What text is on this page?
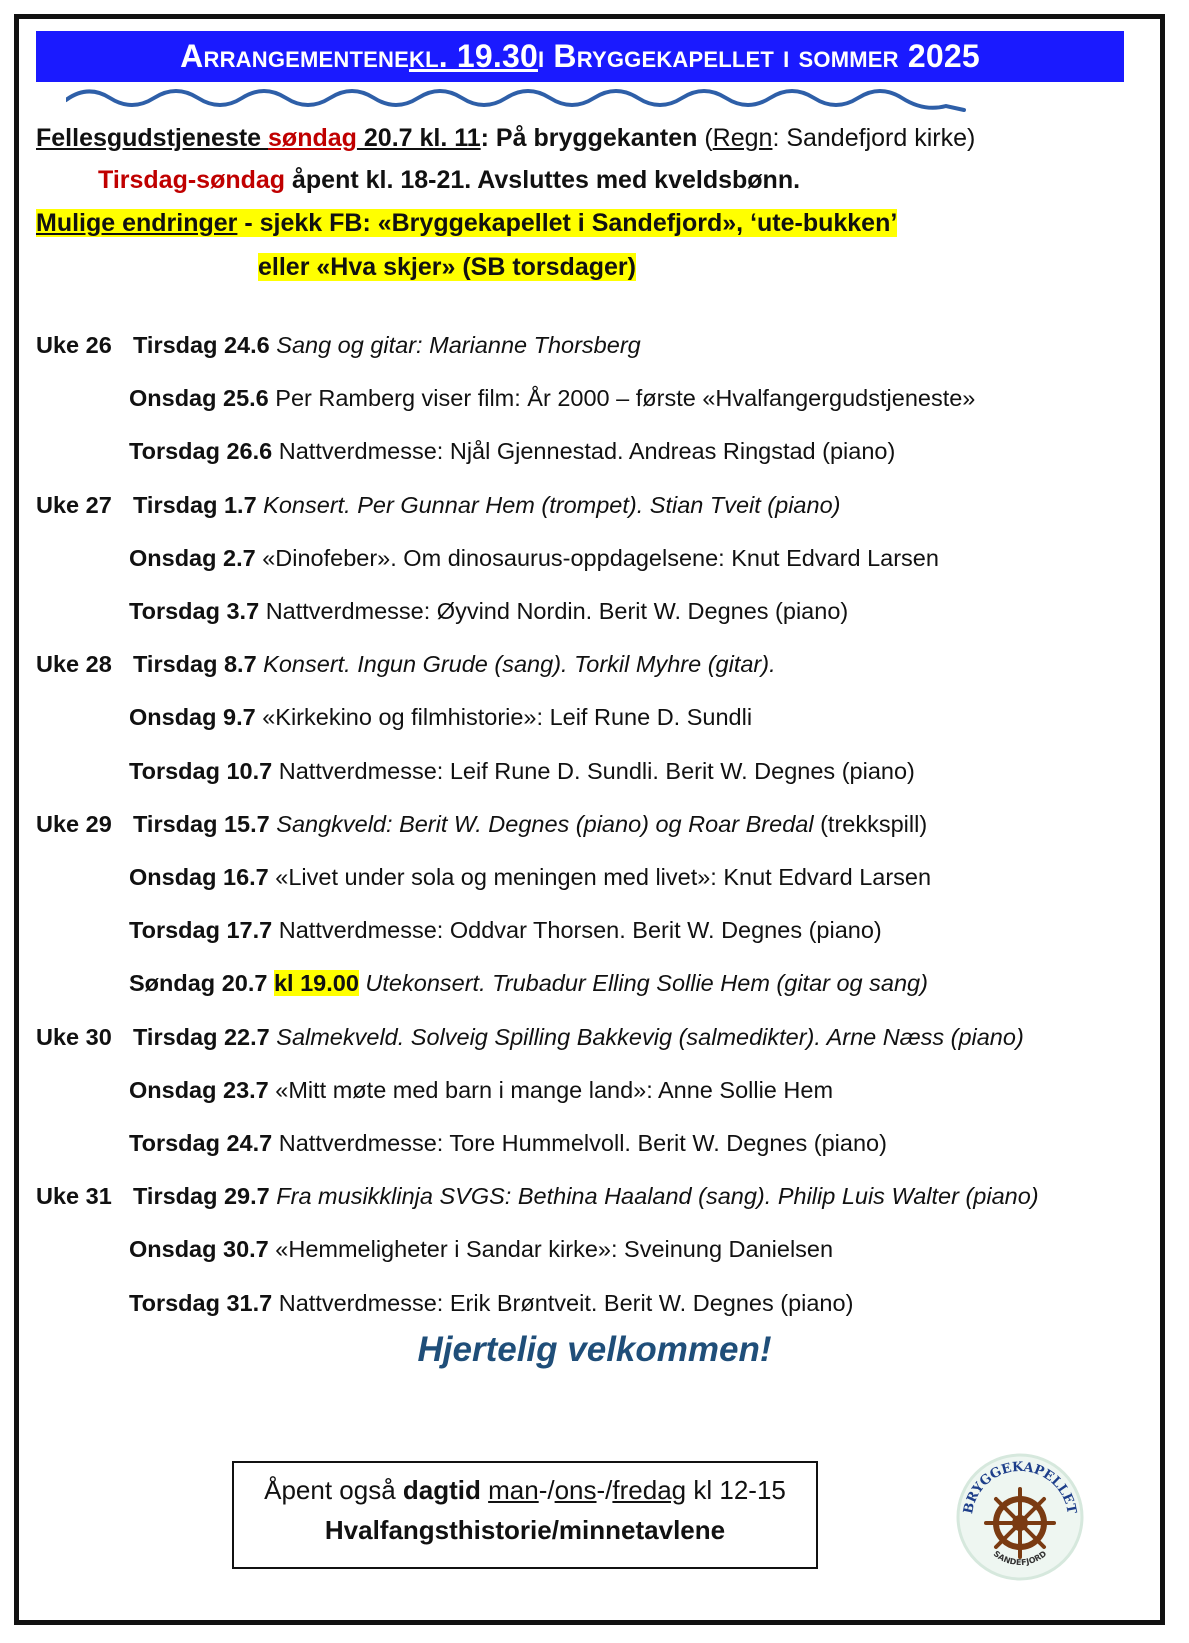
Arrangementene kl. 19.30 i Bryggekapellet i sommer 2025
Fellesgudstjeneste søndag 20.7 kl. 11: På bryggekanten (Regn: Sandefjord kirke)
Tirsdag-søndag åpent kl. 18-21. Avsluttes med kveldsbønn.
Mulige endringer - sjekk FB: «Bryggekapellet i Sandefjord», ‘ute-bukken’
eller «Hva skjer» (SB torsdager)
Uke 26 Tirsdag 24.6 Sang og gitar: Marianne Thorsberg
Onsdag 25.6 Per Ramberg viser film: År 2000 – første «Hvalfangergudstjeneste»
Torsdag 26.6 Nattverdmesse: Njål Gjennestad. Andreas Ringstad (piano)
Uke 27 Tirsdag 1.7 Konsert. Per Gunnar Hem (trompet). Stian Tveit (piano)
Onsdag 2.7 «Dinofeber». Om dinosaurus-oppdagelsene: Knut Edvard Larsen
Torsdag 3.7 Nattverdmesse: Øyvind Nordin. Berit W. Degnes (piano)
Uke 28 Tirsdag 8.7 Konsert. Ingun Grude (sang). Torkil Myhre (gitar).
Onsdag 9.7 «Kirkekino og filmhistorie»: Leif Rune D. Sundli
Torsdag 10.7 Nattverdmesse: Leif Rune D. Sundli. Berit W. Degnes (piano)
Uke 29 Tirsdag 15.7 Sangkveld: Berit W. Degnes (piano) og Roar Bredal (trekkspill)
Onsdag 16.7 «Livet under sola og meningen med livet»: Knut Edvard Larsen
Torsdag 17.7 Nattverdmesse: Oddvar Thorsen. Berit W. Degnes (piano)
Søndag 20.7 kl 19.00 Utekonsert. Trubadur Elling Sollie Hem (gitar og sang)
Uke 30 Tirsdag 22.7 Salmekveld. Solveig Spilling Bakkevig (salmedikter). Arne Næss (piano)
Onsdag 23.7 «Mitt møte med barn i mange land»: Anne Sollie Hem
Torsdag 24.7 Nattverdmesse: Tore Hummelvoll. Berit W. Degnes (piano)
Uke 31 Tirsdag 29.7 Fra musikklinja SVGS: Bethina Haaland (sang). Philip Luis Walter (piano)
Onsdag 30.7 «Hemmeligheter i Sandar kirke»: Sveinung Danielsen
Torsdag 31.7 Nattverdmesse: Erik Brøntveit. Berit W. Degnes (piano)
Hjertelig velkommen!
Åpent også dagtid man-/ons-/fredag kl 12-15
Hvalfangsthistorie/minnetavlene
BRYGGEKAPELLET
SANDEFJORD
